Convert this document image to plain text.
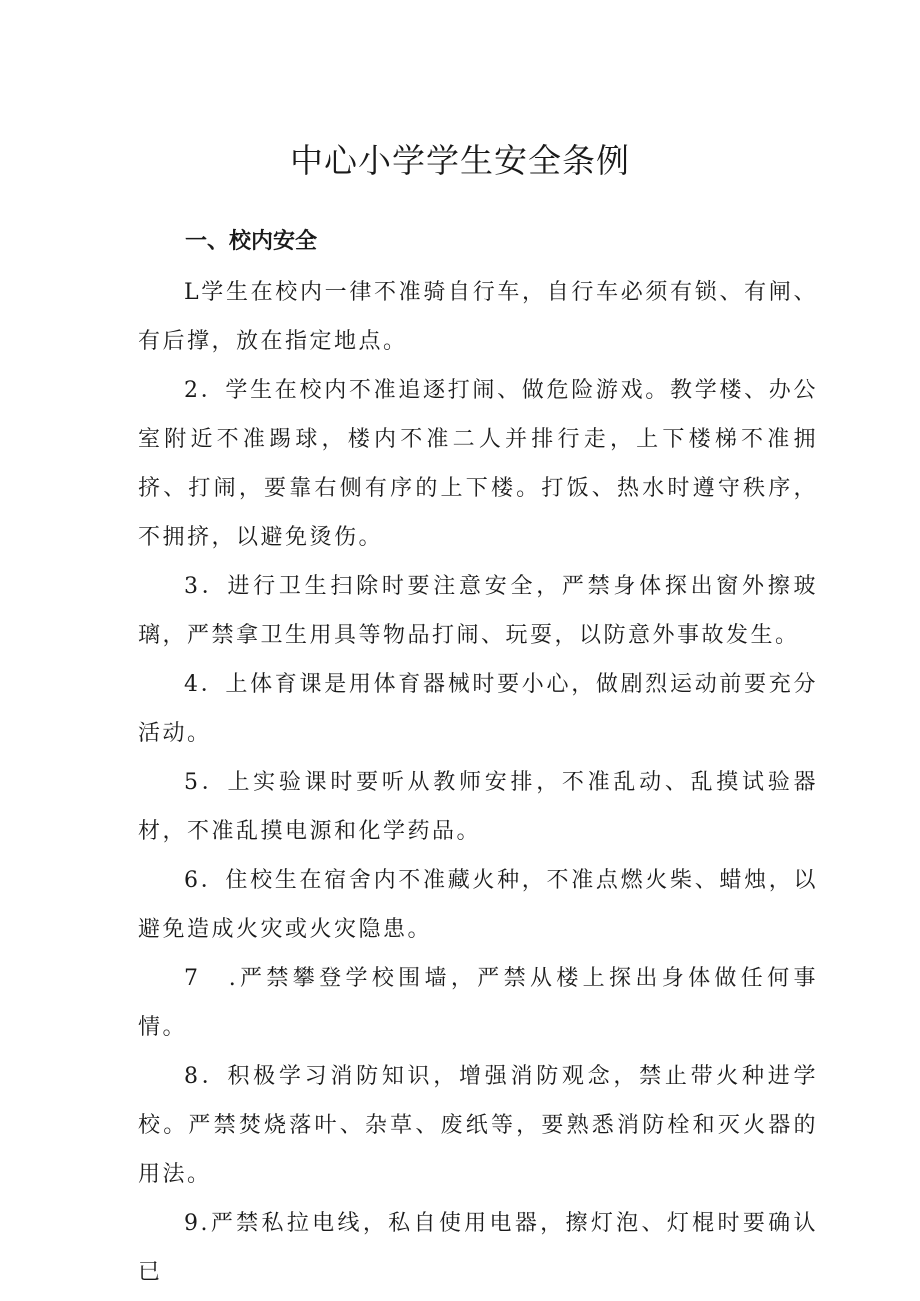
中心小学学生安全条例
一、校内安全

L学生在校内一律不准骑自行车，自行车必须有锁、有闸、有后撑，放在指定地点。

2．学生在校内不准追逐打闹、做危险游戏。教学楼、办公室附近不准踢球，楼内不准二人并排行走，上下楼梯不准拥挤、打闹，要靠右侧有序的上下楼。打饭、热水时遵守秩序，不拥挤，以避免烫伤。

3．进行卫生扫除时要注意安全，严禁身体探出窗外擦玻璃，严禁拿卫生用具等物品打闹、玩耍，以防意外事故发生。

4．上体育课是用体育器械时要小心，做剧烈运动前要充分活动。

5．上实验课时要听从教师安排，不准乱动、乱摸试验器材，不准乱摸电源和化学药品。

6．住校生在宿舍内不准藏火种，不准点燃火柴、蜡烛，以避免造成火灾或火灾隐患。

7　.严禁攀登学校围墙，严禁从楼上探出身体做任何事情。

8．积极学习消防知识，增强消防观念，禁止带火种进学校。严禁焚烧落叶、杂草、废纸等，要熟悉消防栓和灭火器的用法。

9.严禁私拉电线，私自使用电器，擦灯泡、灯棍时要确认已
